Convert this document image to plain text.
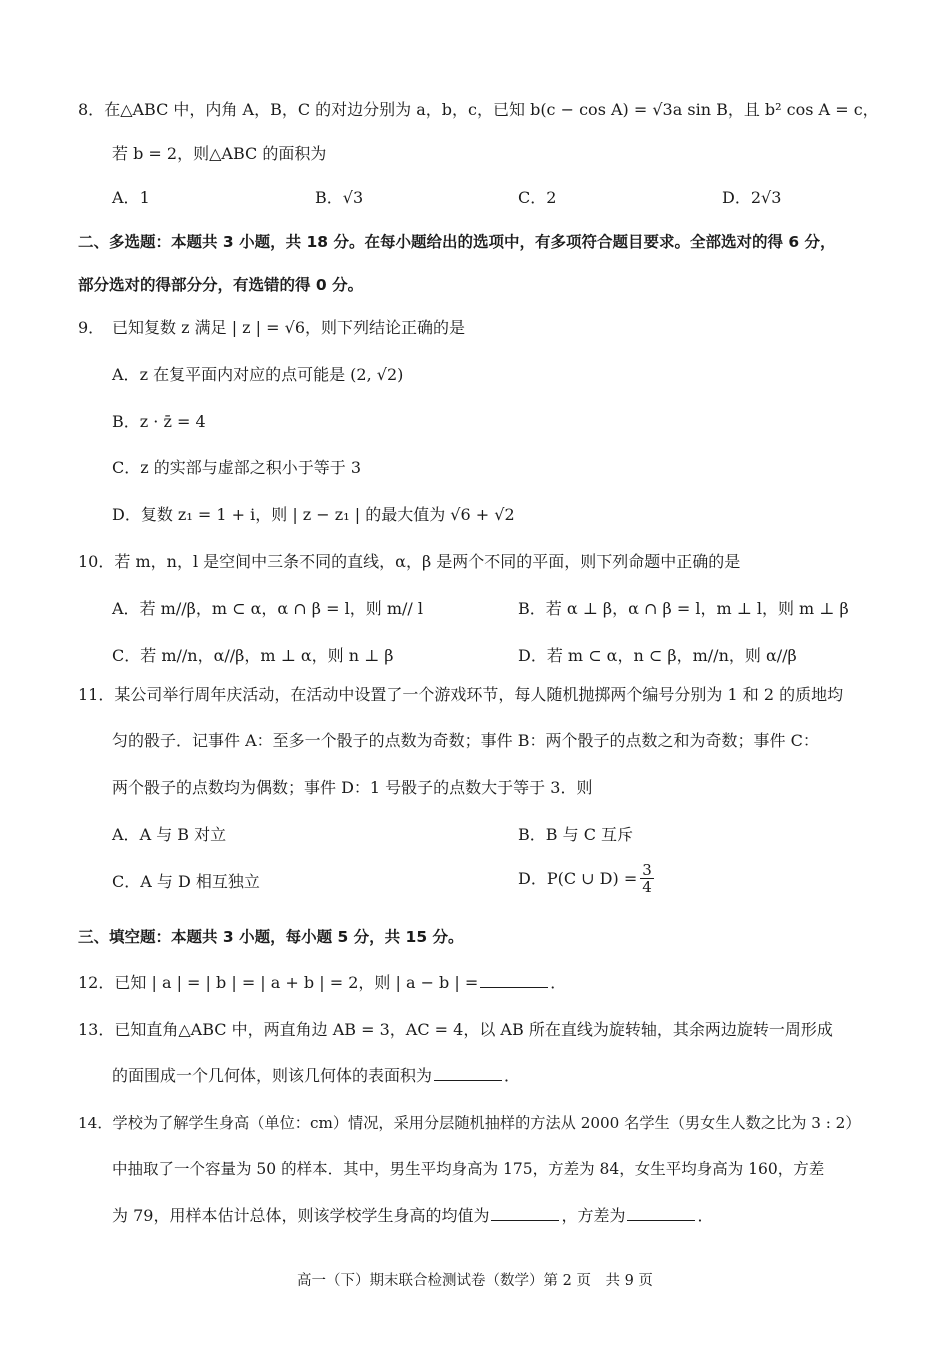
8．在△ABC 中，内角 A，B，C 的对边分别为 a，b，c，已知 b(c − cos A) = √3a sin B，且 b² cos A = c，
若 b = 2，则△ABC 的面积为
A．1	B．√3	C．2	D．2√3
二、多选题：本题共 3 小题，共 18 分。在每小题给出的选项中，有多项符合题目要求。全部选对的得 6 分，
部分选对的得部分分，有选错的得 0 分。
9． 已知复数 z 满足 | z | = √6，则下列结论正确的是
A．z 在复平面内对应的点可能是 (2, √2)
B．z · z̄ = 4
C．z 的实部与虚部之积小于等于 3
D．复数 z₁ = 1 + i，则 | z − z₁ | 的最大值为 √6 + √2
10．若 m，n，l 是空间中三条不同的直线，α，β 是两个不同的平面，则下列命题中正确的是
A．若 m//β，m ⊂ α，α ∩ β = l，则 m// l	B．若 α ⊥ β，α ∩ β = l，m ⊥ l，则 m ⊥ β
C．若 m//n，α//β，m ⊥ α，则 n ⊥ β	D．若 m ⊂ α，n ⊂ β，m//n，则 α//β
11．某公司举行周年庆活动，在活动中设置了一个游戏环节，每人随机抛掷两个编号分别为 1 和 2 的质地均
匀的骰子．记事件 A：至多一个骰子的点数为奇数；事件 B：两个骰子的点数之和为奇数；事件 C：
两个骰子的点数均为偶数；事件 D：1 号骰子的点数大于等于 3．则
A．A 与 B 对立	B．B 与 C 互斥
C．A 与 D 相互独立	D． P(C ∪ $D) = \frac{3}{4}$
三、填空题：本题共 3 小题，每小题 5 分，共 15 分。
12．已知 | a | = | b | = | a + b | = 2，则 | a − b | =	．
13．已知直角△ABC 中，两直角边 AB = 3，AC = 4，以 AB 所在直线为旋转轴，其余两边旋转一周形成
的面围成一个几何体，则该几何体的表面积为	．
14．学校为了解学生身高（单位：cm）情况，采用分层随机抽样的方法从 2000 名学生（男女生人数之比为 3 : 2）
中抽取了一个容量为 50 的样本．其中，男生平均身高为 175，方差为 84，女生平均身高为 160，方差
为 79，用样本估计总体，则该学校学生身高的均值为	，方差为	．
高一（下）期末联合检测试卷（数学）第 2 页　共 9 页
